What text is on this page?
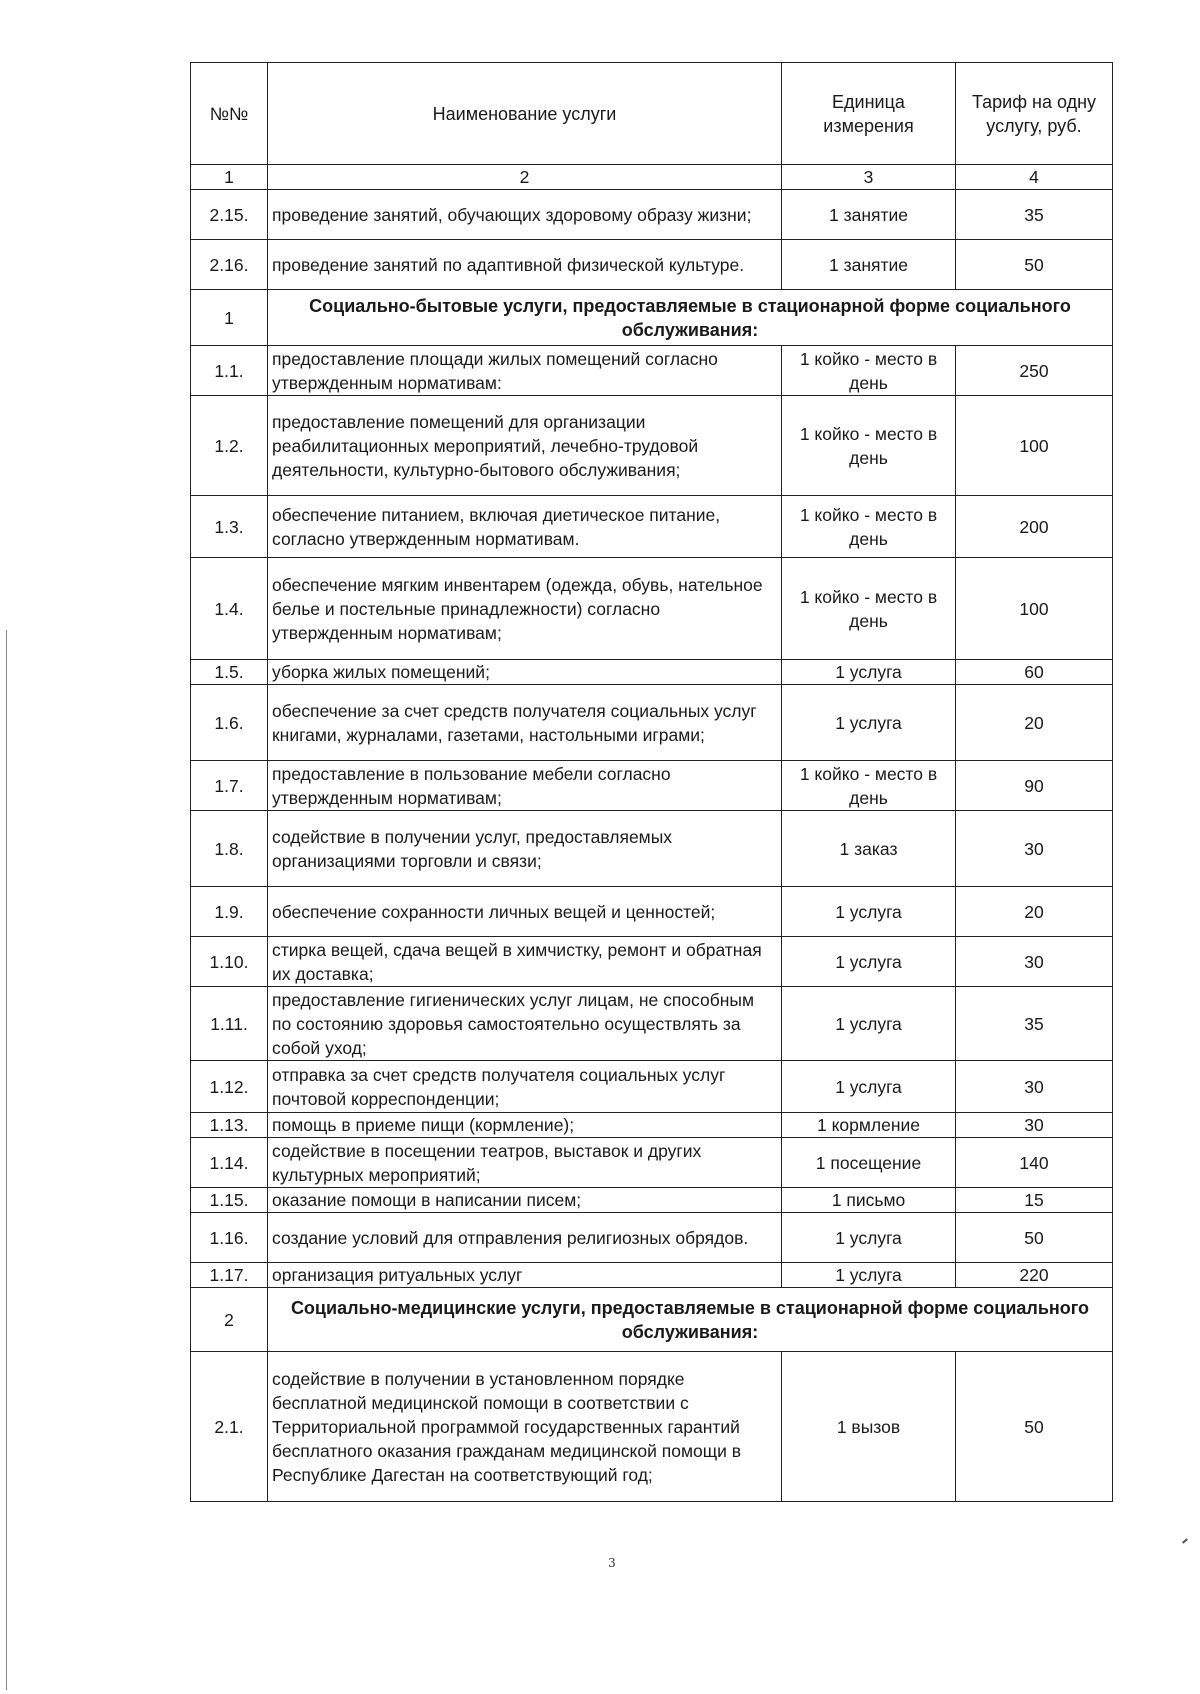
№№	Наименование услуги	Единица измерения	Тариф на одну услугу, руб.
1	2	3	4
2.15.	проведение занятий, обучающих здоровому образу жизни;	1 занятие	35
2.16.	проведение занятий по адаптивной физической культуре.	1 занятие	50
1	Социально-бытовые услуги, предоставляемые в стационарной форме социального обслуживания:		
1.1.	предоставление площади жилых помещений согласно утвержденным нормативам:	1 койко - место в день	250
1.2.	предоставление помещений для организации реабилитационных мероприятий, лечебно-трудовой деятельности, культурно-бытового обслуживания;	1 койко - место в день	100
1.3.	обеспечение питанием, включая диетическое питание, согласно утвержденным нормативам.	1 койко - место в день	200
1.4.	обеспечение мягким инвентарем (одежда, обувь, нательное белье и постельные принадлежности) согласно утвержденным нормативам;	1 койко - место в день	100
1.5.	уборка жилых помещений;	1 услуга	60
1.6.	обеспечение за счет средств получателя социальных услуг книгами, журналами, газетами, настольными играми;	1 услуга	20
1.7.	предоставление в пользование мебели согласно утвержденным нормативам;	1 койко - место в день	90
1.8.	содействие в получении услуг, предоставляемых организациями торговли и связи;	1 заказ	30
1.9.	обеспечение сохранности личных вещей и ценностей;	1 услуга	20
1.10.	стирка вещей, сдача вещей в химчистку, ремонт и обратная их доставка;	1 услуга	30
1.11.	предоставление гигиенических услуг лицам, не способным по состоянию здоровья самостоятельно осуществлять за собой уход;	1 услуга	35
1.12.	отправка за счет средств получателя социальных услуг почтовой корреспонденции;	1 услуга	30
1.13.	помощь в приеме пищи (кормление);	1 кормление	30
1.14.	содействие в посещении театров, выставок и других культурных мероприятий;	1 посещение	140
1.15.	оказание помощи в написании писем;	1 письмо	15
1.16.	создание условий для отправления религиозных обрядов.	1 услуга	50
1.17.	организация ритуальных услуг	1 услуга	220
2	Социально-медицинские услуги, предоставляемые в стационарной форме социального обслуживания:		
2.1.	содействие в получении в установленном порядке бесплатной медицинской помощи в соответствии с Территориальной программой государственных гарантий бесплатного оказания гражданам медицинской помощи в Республике Дагестан на соответствующий год;	1 вызов	50
3
